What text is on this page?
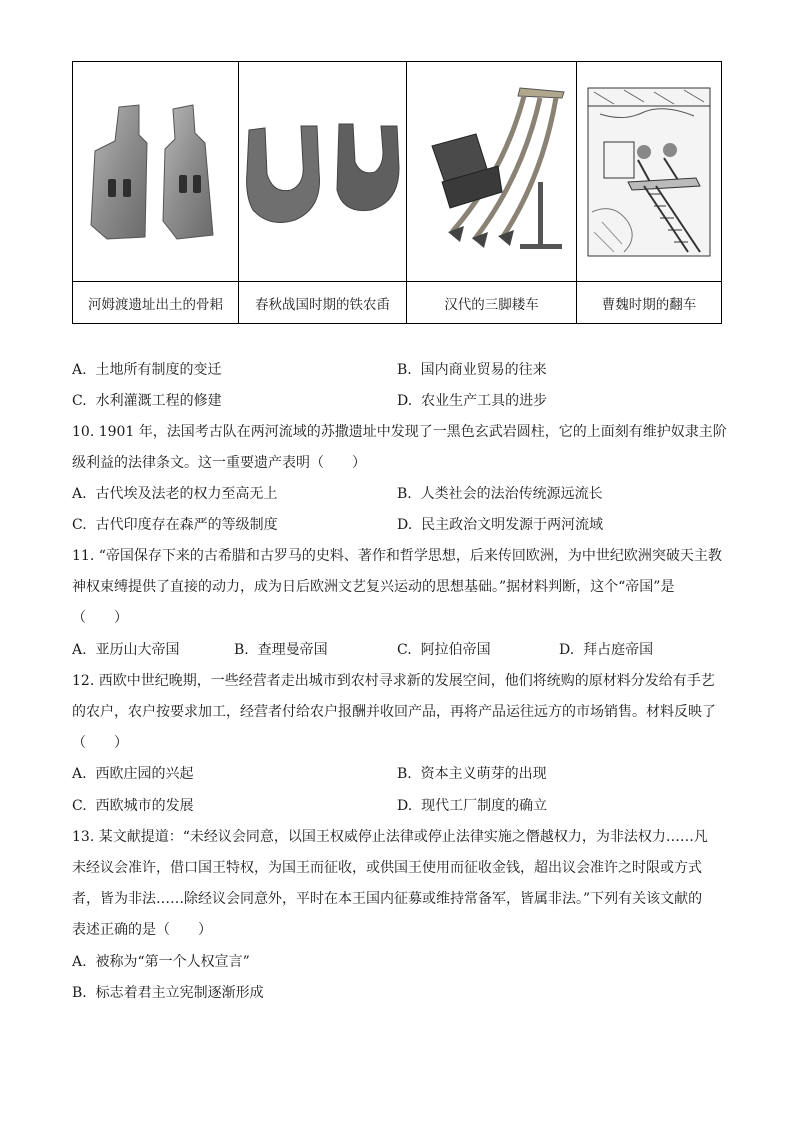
河姆渡遗址出土的骨耜	春秋战国时期的铁农臿	汉代的三脚耧车	曹魏时期的翻车
A. 土地所有制度的变迁	B. 国内商业贸易的往来
C. 水利灌溉工程的修建	D. 农业生产工具的进步
10. 1901 年，法国考古队在两河流域的苏撒遗址中发现了一黑色玄武岩圆柱，它的上面刻有维护奴隶主阶
级利益的法律条文。这一重要遗产表明（　　）
A. 古代埃及法老的权力至高无上	B. 人类社会的法治传统源远流长
C. 古代印度存在森严的等级制度	D. 民主政治文明发源于两河流域
11. “帝国保存下来的古希腊和古罗马的史料、著作和哲学思想，后来传回欧洲，为中世纪欧洲突破天主教
神权束缚提供了直接的动力，成为日后欧洲文艺复兴运动的思想基础。”据材料判断，这个“帝国”是
（　　）
A. 亚历山大帝国	B. 查理曼帝国	C. 阿拉伯帝国	D. 拜占庭帝国
12. 西欧中世纪晚期，一些经营者走出城市到农村寻求新的发展空间，他们将统购的原材料分发给有手艺
的农户，农户按要求加工，经营者付给农户报酬并收回产品，再将产品运往远方的市场销售。材料反映了
（　　）
A. 西欧庄园的兴起	B. 资本主义萌芽的出现
C. 西欧城市的发展	D. 现代工厂制度的确立
13. 某文献提道：“未经议会同意，以国王权威停止法律或停止法律实施之僭越权力，为非法权力……凡
未经议会准许，借口国王特权，为国王而征收，或供国王使用而征收金钱，超出议会准许之时限或方式
者，皆为非法……除经议会同意外，平时在本王国内征募或维持常备军，皆属非法。”下列有关该文献的
表述正确的是（　　）
A. 被称为“第一个人权宣言”
B. 标志着君主立宪制逐渐形成
